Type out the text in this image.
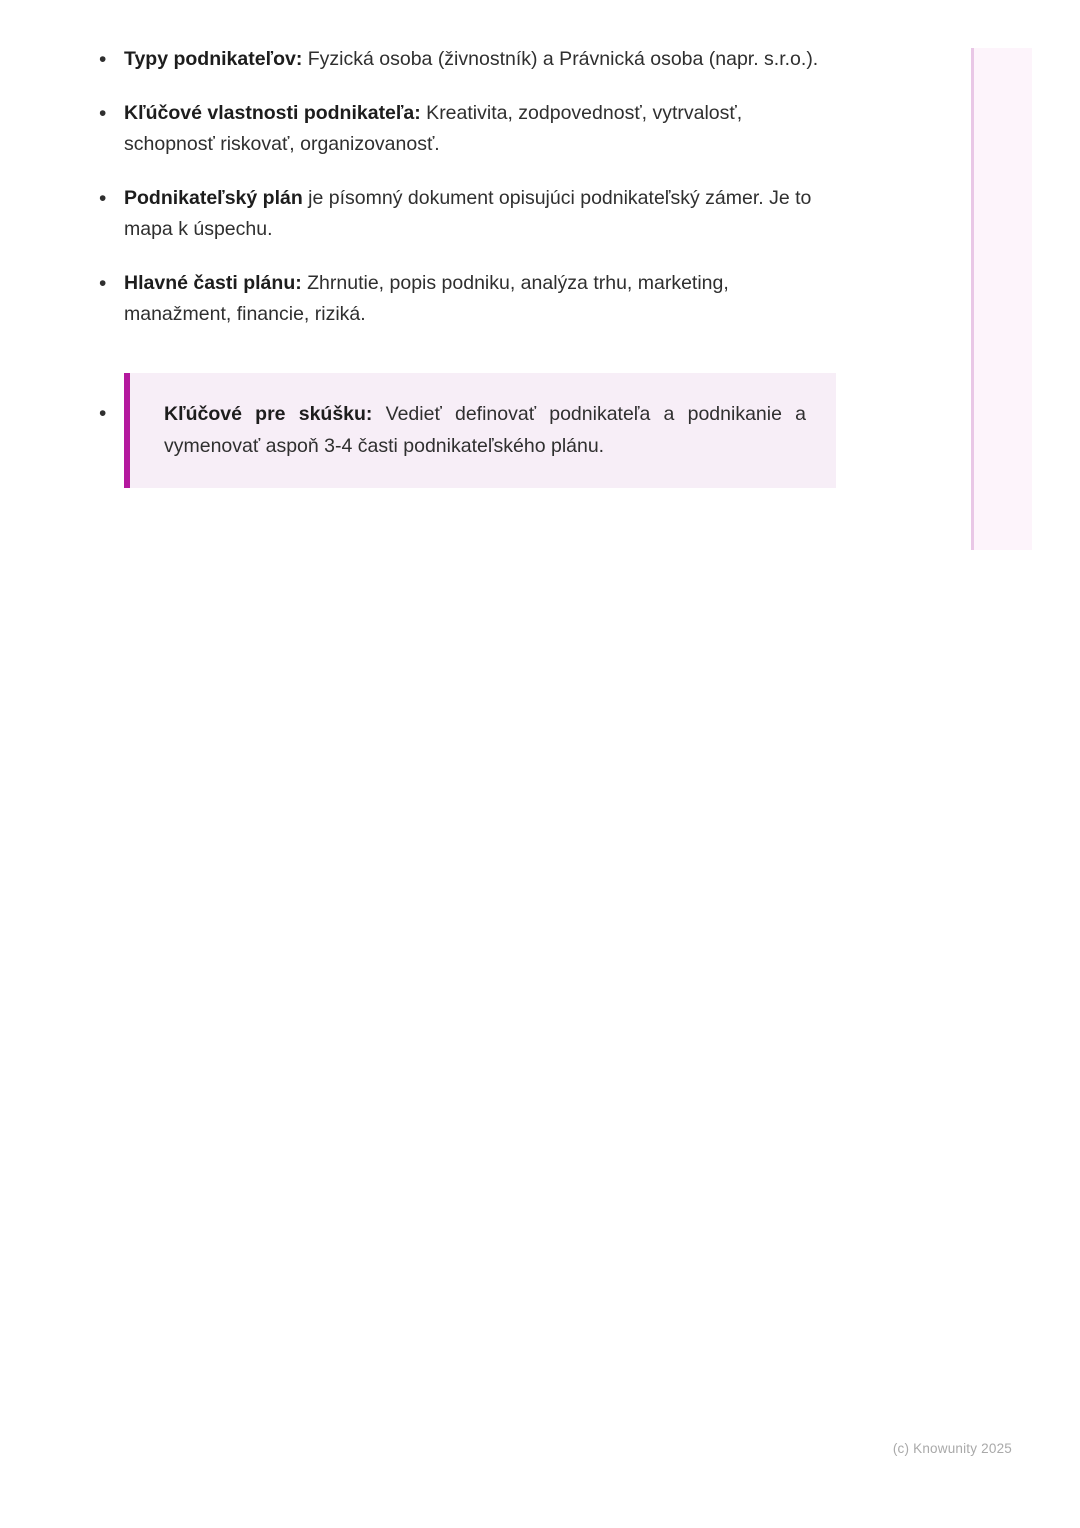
• Typy podnikateľov: Fyzická osoba (živnostník) a Právnická osoba (napr. s.r.o.).
• Kľúčové vlastnosti podnikateľa: Kreativita, zodpovednosť, vytrvalosť, schopnosť riskovať, organizovanosť.
• Podnikateľský plán je písomný dokument opisujúci podnikateľský zámer. Je to mapa k úspechu.
• Hlavné časti plánu: Zhrnutie, popis podniku, analýza trhu, marketing, manažment, financie, riziká.
• Kľúčové pre skúšku: Vedieť definovať podnikateľa a podnikanie a vymenovať aspoň 3-4 časti podnikateľského plánu.
(c) Knowunity 2025
